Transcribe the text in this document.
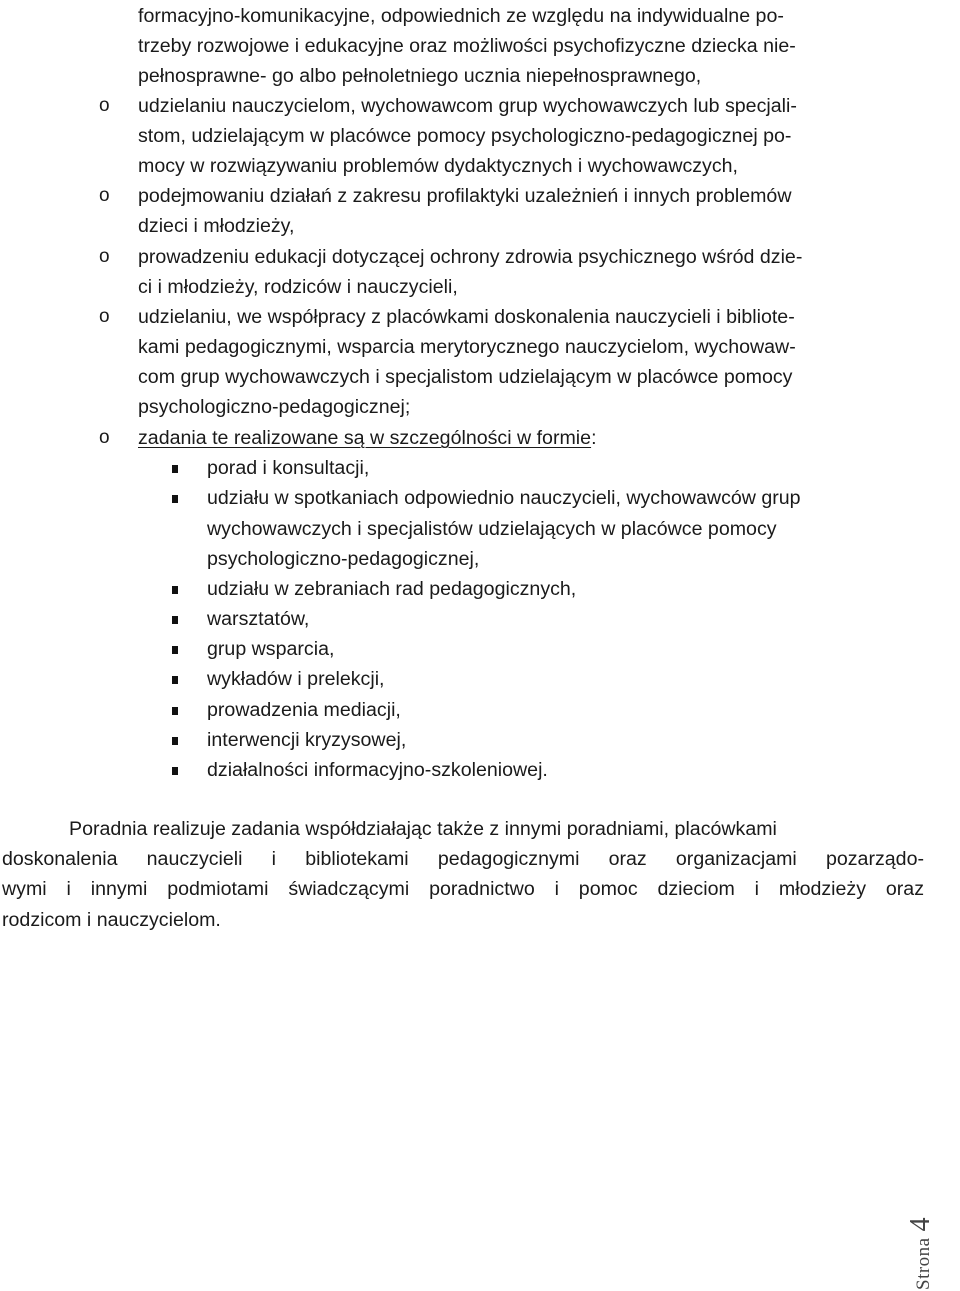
formacyjno-komunikacyjne, odpowiednich ze względu na indywidualne po-
trzeby rozwojowe i edukacyjne oraz możliwości psychofizyczne dziecka nie-
pełnosprawne- go albo pełnoletniego ucznia niepełnosprawnego,
o udzielaniu nauczycielom, wychowawcom grup wychowawczych lub specjali-
stom, udzielającym w placówce pomocy psychologiczno-pedagogicznej po-
mocy w rozwiązywaniu problemów dydaktycznych i wychowawczych,
o podejmowaniu działań z zakresu profilaktyki uzależnień i innych problemów
dzieci i młodzieży,
o prowadzeniu edukacji dotyczącej ochrony zdrowia psychicznego wśród dzie-
ci i młodzieży, rodziców i nauczycieli,
o udzielaniu, we współpracy z placówkami doskonalenia nauczycieli i bibliote-
kami pedagogicznymi, wsparcia merytorycznego nauczycielom, wychowaw-
com grup wychowawczych i specjalistom udzielającym w placówce pomocy
psychologiczno-pedagogicznej;
o zadania te realizowane są w szczególności w formie:
porad i konsultacji,
udziału w spotkaniach odpowiednio nauczycieli, wychowawców grup
wychowawczych i specjalistów udzielających w placówce pomocy
psychologiczno-pedagogicznej,
udziału w zebraniach rad pedagogicznych,
warsztatów,
grup wsparcia,
wykładów i prelekcji,
prowadzenia mediacji,
interwencji kryzysowej,
działalności informacyjno-szkoleniowej.
Poradnia realizuje zadania współdziałając także z innymi poradniami, placówkami
doskonalenia nauczycieli i bibliotekami pedagogicznymi oraz organizacjami pozarządo-
wymi i innymi podmiotami świadczącymi poradnictwo i pomoc dzieciom i młodzieży oraz
rodzicom i nauczycielom.
Strona4
